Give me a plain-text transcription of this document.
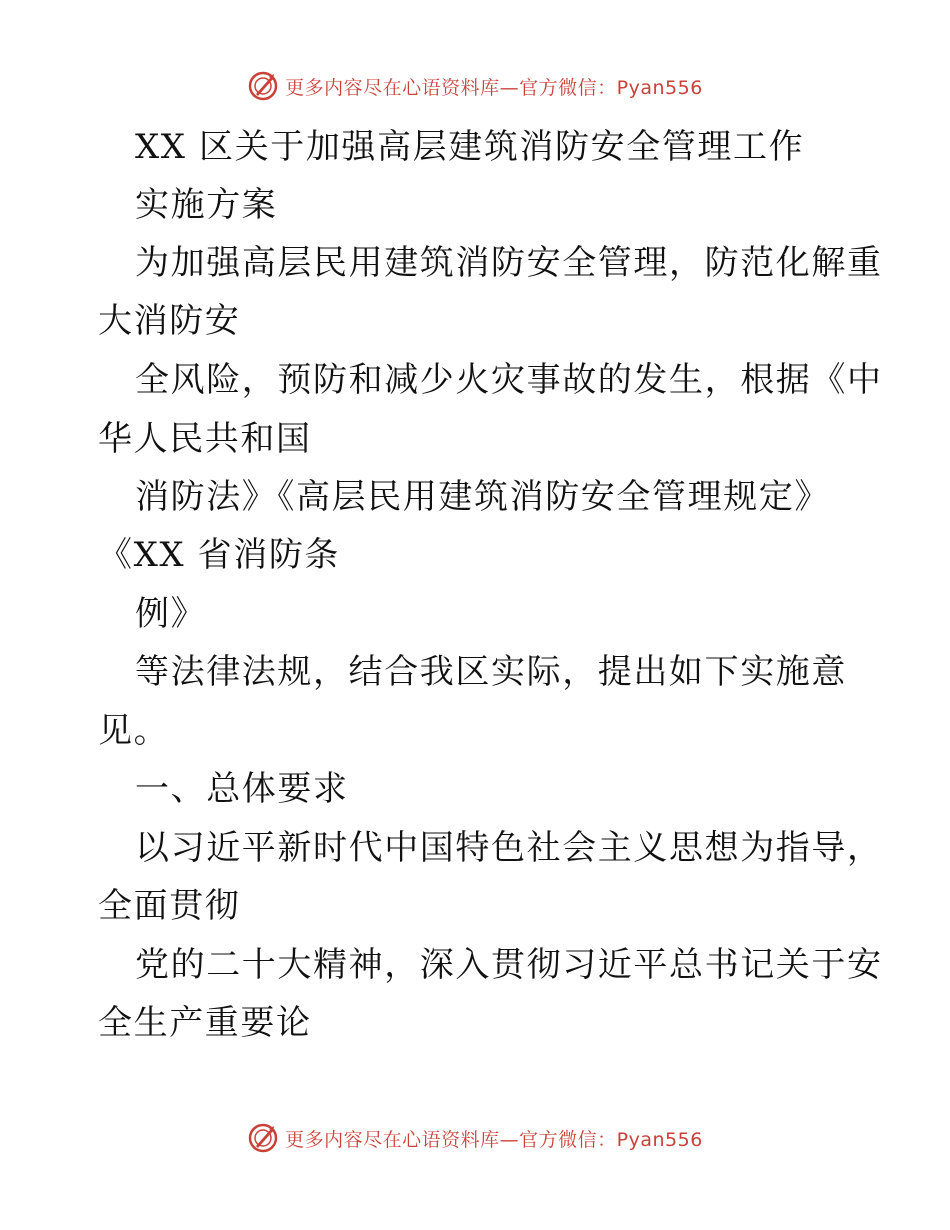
更多内容尽在心语资料库—官方微信：Pyan556
XX 区关于加强高层建筑消防安全管理工作
实施方案
为加强高层民用建筑消防安全管理，防范化解重
大消防安
全风险，预防和减少火灾事故的发生，根据《中
华人民共和国
消防法》《高层民用建筑消防安全管理规定》
《XX 省消防条
例》
等法律法规，结合我区实际，提出如下实施意
见。
一、总体要求
以习近平新时代中国特色社会主义思想为指导，
全面贯彻
党的二十大精神，深入贯彻习近平总书记关于安
全生产重要论
更多内容尽在心语资料库—官方微信：Pyan556
